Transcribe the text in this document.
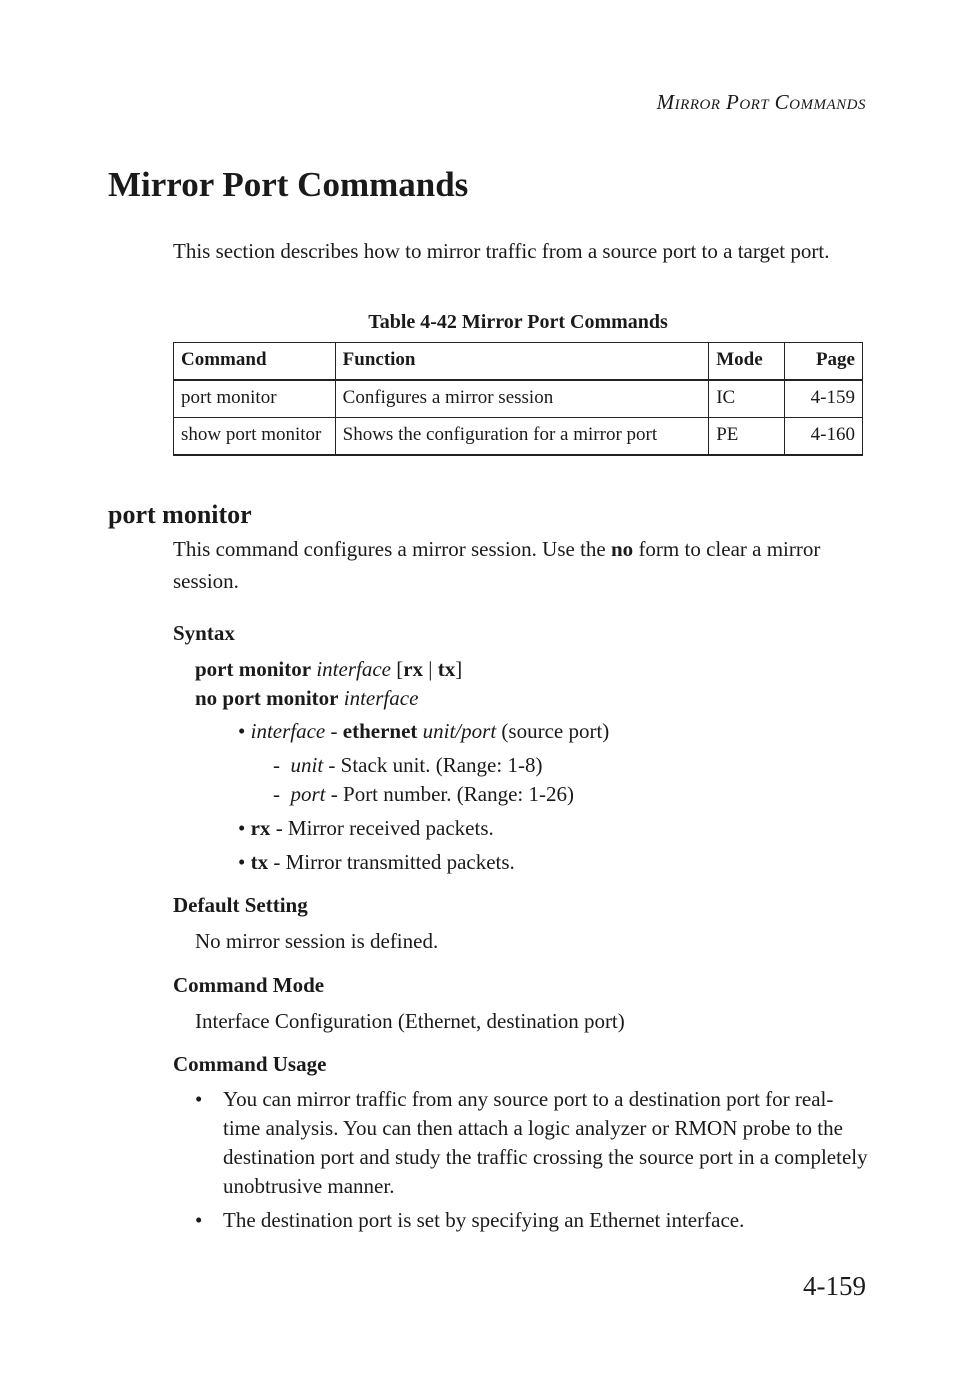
MIRROR PORT COMMANDS
Mirror Port Commands

This section describes how to mirror traffic from a source port to a target port.

Table 4-42 Mirror Port Commands
Command	Function	Mode	Page
port monitor	Configures a mirror session	IC	4-159
show port monitor	Shows the configuration for a mirror port	PE	4-160
port monitor

This command configures a mirror session. Use the no form to clear a mirror session.

Syntax
port monitor interface [rx | tx]
no port monitor interface
• interface - ethernet unit/port (source port)
- unit - Stack unit. (Range: 1-8)
- port - Port number. (Range: 1-26)
• rx - Mirror received packets.
• tx - Mirror transmitted packets.
Default Setting
No mirror session is defined.
Command Mode
Interface Configuration (Ethernet, destination port)
Command Usage
• You can mirror traffic from any source port to a destination port for real-time analysis. You can then attach a logic analyzer or RMON probe to the destination port and study the traffic crossing the source port in a completely unobtrusive manner.
• The destination port is set by specifying an Ethernet interface.
4-159
